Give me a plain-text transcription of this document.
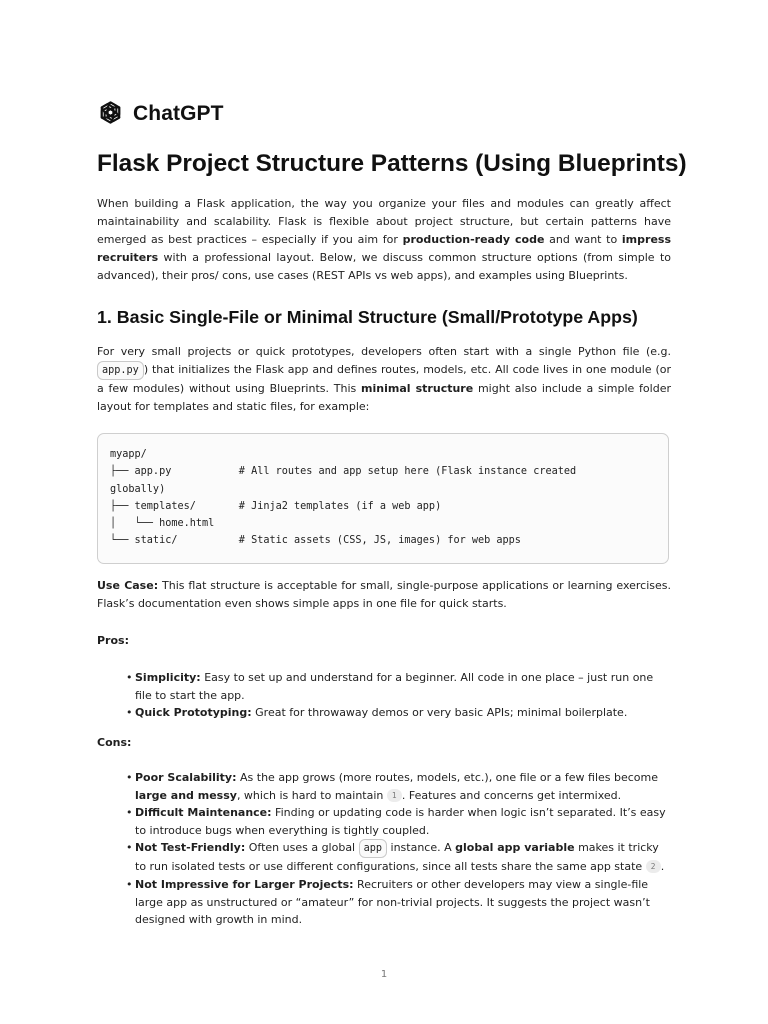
ChatGPT
Flask Project Structure Patterns (Using Blueprints)

When building a Flask application, the way you organize your files and modules can greatly affect maintainability and scalability. Flask is flexible about project structure, but certain patterns have emerged as best practices – especially if you aim for production-ready code and want to impress recruiters with a professional layout. Below, we discuss common structure options (from simple to advanced), their pros/ cons, use cases (REST APIs vs web apps), and examples using Blueprints.

1. Basic Single-File or Minimal Structure (Small/Prototype Apps)

For very small projects or quick prototypes, developers often start with a single Python file (e.g. app.py ) that initializes the Flask app and defines routes, models, etc. All code lives in one module (or a few modules) without using Blueprints. This minimal structure might also include a simple folder layout for templates and static files, for example:

myapp/
├── app.py           # All routes and app setup here (Flask instance created
globally)
├── templates/       # Jinja2 templates (if a web app)
│   └── home.html
└── static/          # Static assets (CSS, JS, images) for web apps

Use Case: This flat structure is acceptable for small, single-purpose applications or learning exercises. Flask’s documentation even shows simple apps in one file for quick starts.

Pros:

• Simplicity: Easy to set up and understand for a beginner. All code in one place – just run one file to start the app.
• Quick Prototyping: Great for throwaway demos or very basic APIs; minimal boilerplate.

Cons:

• Poor Scalability: As the app grows (more routes, models, etc.), one file or a few files become large and messy, which is hard to maintain 1 . Features and concerns get intermixed.
• Difficult Maintenance: Finding or updating code is harder when logic isn’t separated. It’s easy to introduce bugs when everything is tightly coupled.
• Not Test-Friendly: Often uses a global app instance. A global app variable makes it tricky to run isolated tests or use different configurations, since all tests share the same app state 2 .
• Not Impressive for Larger Projects: Recruiters or other developers may view a single-file large app as unstructured or “amateur” for non-trivial projects. It suggests the project wasn’t designed with growth in mind.
1
